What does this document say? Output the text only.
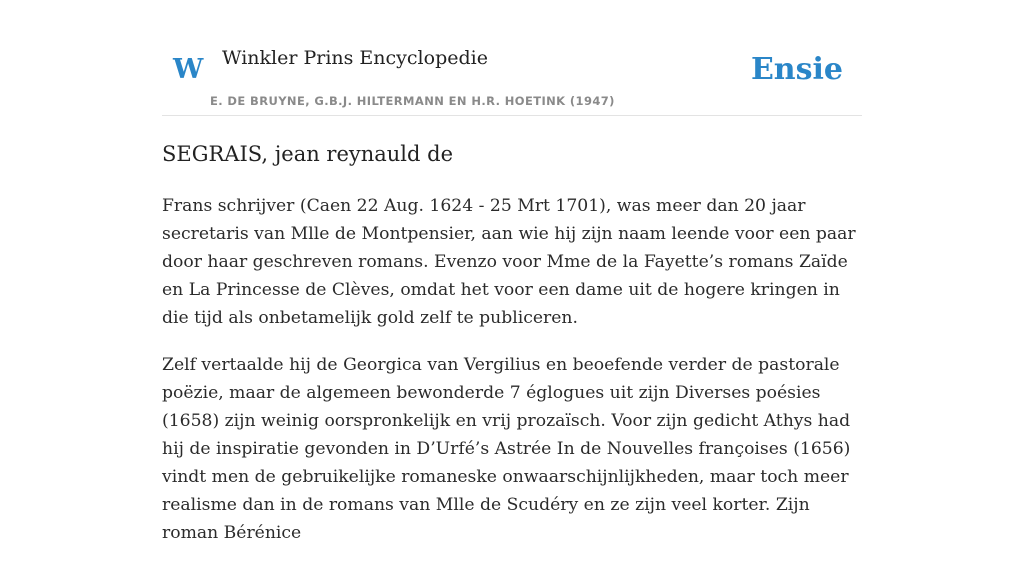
W Winkler Prins Encyclopedie
E. DE BRUYNE, G.B.J. HILTERMANN EN H.R. HOETINK (1947)
Ensie
SEGRAIS, jean reynauld de

Frans schrijver (Caen 22 Aug. 1624 - 25 Mrt 1701), was meer dan 20 jaar secretaris van Mlle de Montpensier, aan wie hij zijn naam leende voor een paar door haar geschreven romans. Evenzo voor Mme de la Fayette’s romans Zaïde en La Princesse de Clèves, omdat het voor een dame uit de hogere kringen in die tijd als onbetamelijk gold zelf te publiceren.

Zelf vertaalde hij de Georgica van Vergilius en beoefende verder de pastorale poëzie, maar de algemeen bewonderde 7 églogues uit zijn Diverses poésies (1658) zijn weinig oorspronkelijk en vrij prozaïsch. Voor zijn gedicht Athys had hij de inspiratie gevonden in D’Urfé’s Astrée In de Nouvelles françoises (1656) vindt men de gebruikelijke romaneske onwaarschijnlijkheden, maar toch meer realisme dan in de romans van Mlle de Scudéry en ze zijn veel korter. Zijn roman Bérénice
